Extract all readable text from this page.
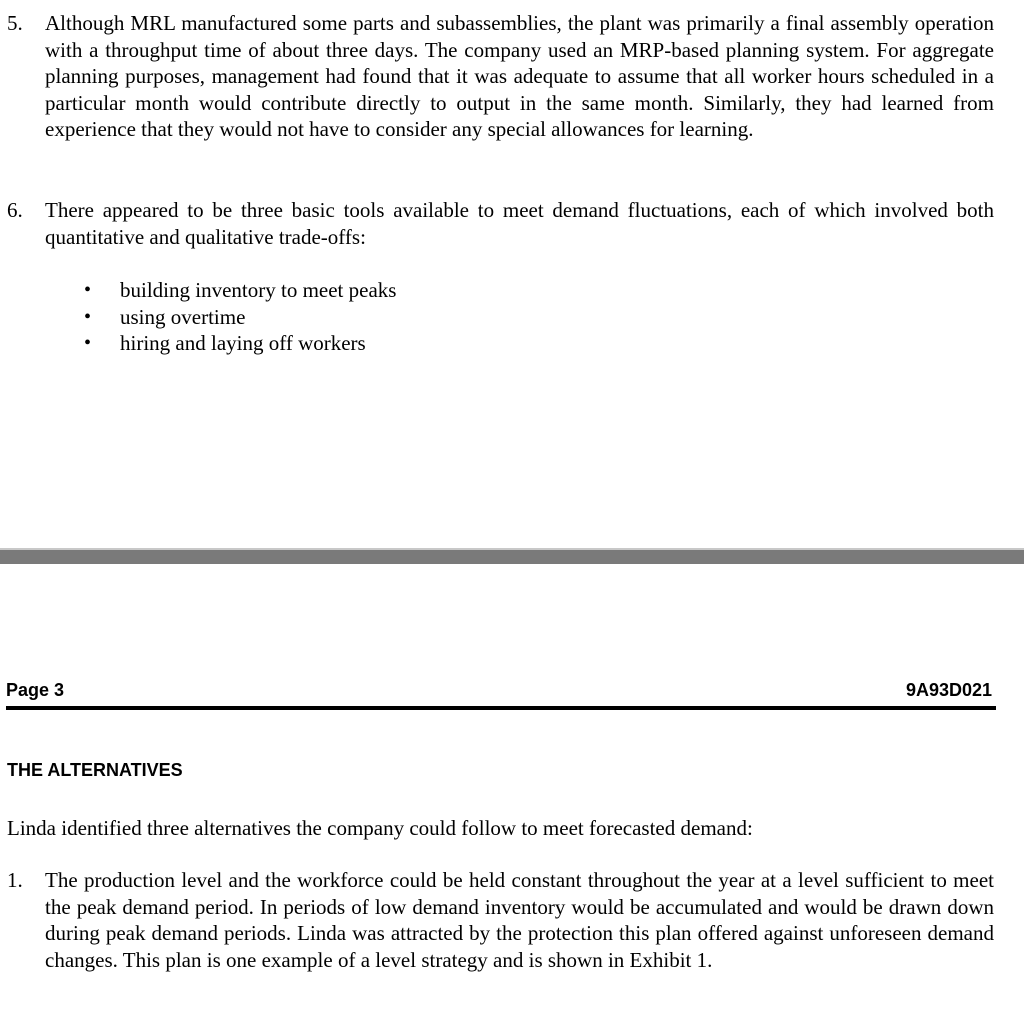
5. Although MRL manufactured some parts and subassemblies, the plant was primarily a final assembly operation with a throughput time of about three days. The company used an MRP-based planning system. For aggregate planning purposes, management had found that it was adequate to assume that all worker hours scheduled in a particular month would contribute directly to output in the same month. Similarly, they had learned from experience that they would not have to consider any special allowances for learning.
6. There appeared to be three basic tools available to meet demand fluctuations, each of which involved both quantitative and qualitative trade-offs:
• building inventory to meet peaks
• using overtime
• hiring and laying off workers
Page 3	9A93D021
THE ALTERNATIVES
Linda identified three alternatives the company could follow to meet forecasted demand:
1. The production level and the workforce could be held constant throughout the year at a level sufficient to meet the peak demand period. In periods of low demand inventory would be accumulated and would be drawn down during peak demand periods. Linda was attracted by the protection this plan offered against unforeseen demand changes. This plan is one example of a level strategy and is shown in Exhibit 1.
